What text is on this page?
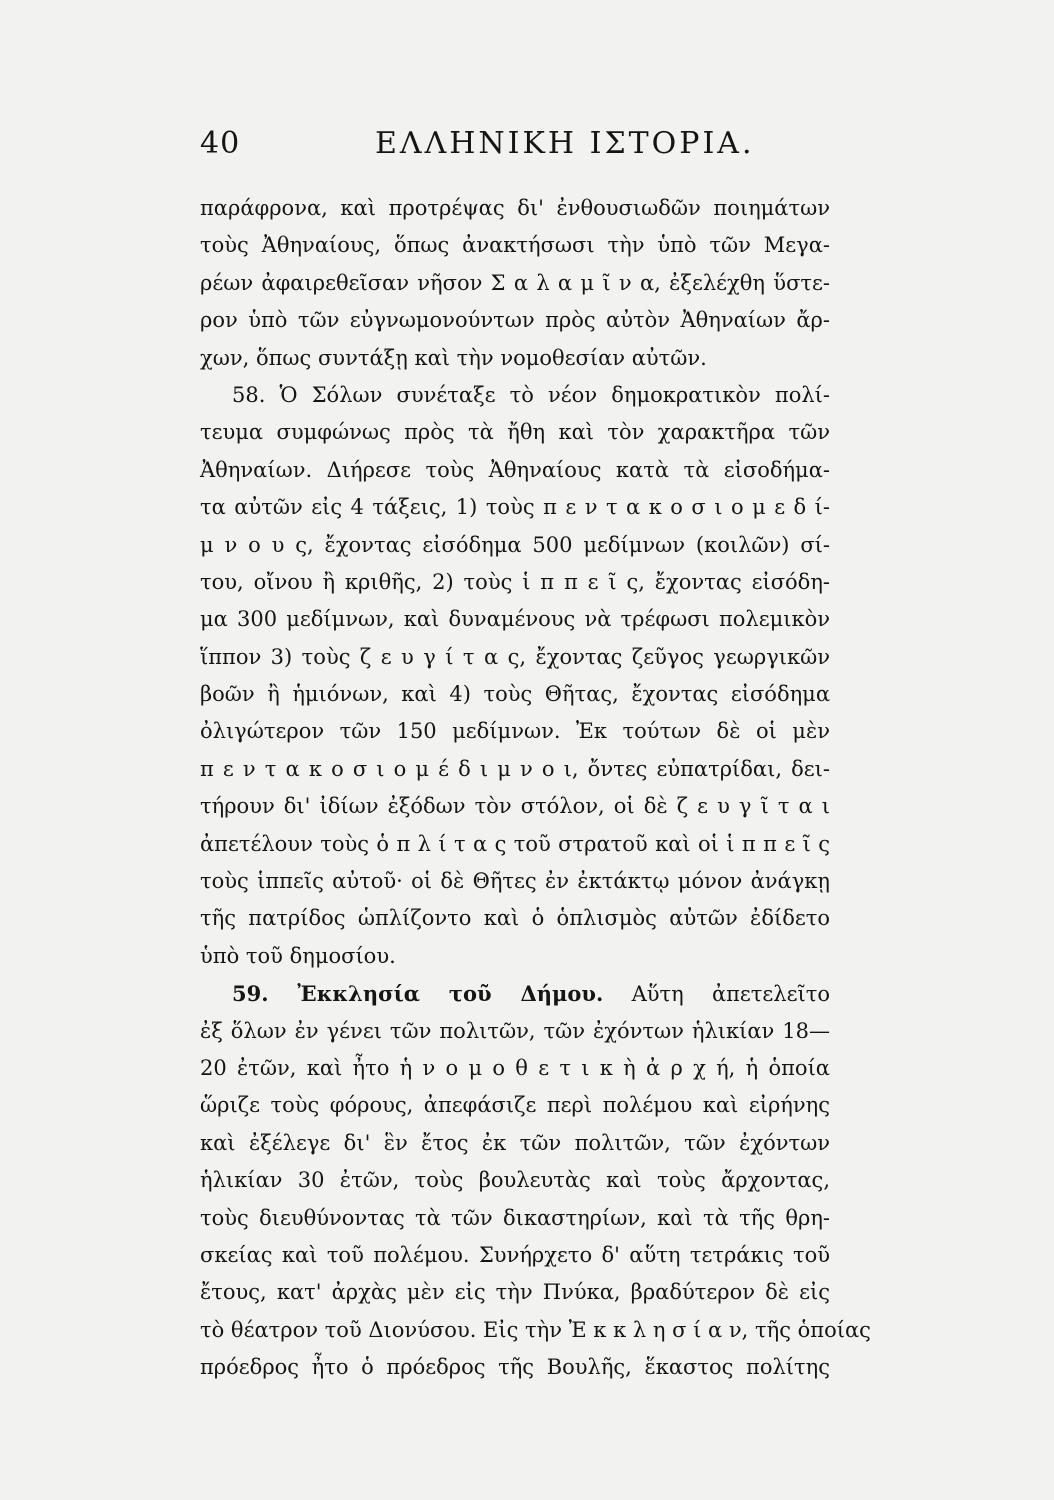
40	ΕΛΛΗΝΙΚΗ ΙΣΤΟΡΙΑ.
παράφρονα, καὶ προτρέψας δι' ἐνθουσιωδῶν ποιημάτων
τοὺς Ἀθηναίους, ὅπως ἀνακτήσωσι τὴν ὑπὸ τῶν Μεγα-
ρέων ἀφαιρεθεῖσαν νῆσον Σ α λ α μ ῖ ν α, ἐξελέχθη ὕστε-
ρον ὑπὸ τῶν εὐγνωμονούντων πρὸς αὐτὸν Ἀθηναίων ἄρ-
χων, ὅπως συντάξῃ καὶ τὴν νομοθεσίαν αὐτῶν.
58. Ὁ Σόλων συνέταξε τὸ νέον δημοκρατικὸν πολί-
τευμα συμφώνως πρὸς τὰ ἤθη καὶ τὸν χαρακτῆρα τῶν
Ἀθηναίων. Διήρεσε τοὺς Ἀθηναίους κατὰ τὰ εἰσοδήμα-
τα αὐτῶν εἰς 4 τάξεις, 1) τοὺς π ε ν τ α κ ο σ ι ο μ ε δ ί-
μ ν ο υ ς, ἔχοντας εἰσόδημα 500 μεδίμνων (κοιλῶν) σί-
του, οἴνου ἢ κριθῆς, 2) τοὺς ἱ π π ε ῖ ς, ἔχοντας εἰσόδη-
μα 300 μεδίμνων, καὶ δυναμένους νὰ τρέφωσι πολεμικὸν
ἵππον 3) τοὺς ζ ε υ γ ί τ α ς, ἔχοντας ζεῦγος γεωργικῶν
βοῶν ἢ ἡμιόνων, καὶ 4) τοὺς Θῆτας, ἔχοντας εἰσόδημα
ὀλιγώτερον τῶν 150 μεδίμνων. Ἐκ τούτων δὲ οἱ μὲν
π ε ν τ α κ ο σ ι ο μ έ δ ι μ ν ο ι, ὄντες εὐπατρίδαι, δει-
τήρουν δι' ἰδίων ἐξόδων τὸν στόλον, οἱ δὲ ζ ε υ γ ῖ τ α ι
ἀπετέλουν τοὺς ὁ π λ ί τ α ς τοῦ στρατοῦ καὶ οἱ ἱ π π ε ῖ ς
τοὺς ἱππεῖς αὐτοῦ· οἱ δὲ Θῆτες ἐν ἐκτάκτῳ μόνον ἀνάγκῃ
τῆς πατρίδος ὡπλίζοντο καὶ ὁ ὁπλισμὸς αὐτῶν ἐδίδετο
ὑπὸ τοῦ δημοσίου.
59. Ἐκκλησία τοῦ Δήμου. Αὕτη ἀπετελεῖτο
ἐξ ὅλων ἐν γένει τῶν πολιτῶν, τῶν ἐχόντων ἡλικίαν 18—
20 ἐτῶν, καὶ ἦτο ἡ ν ο μ ο θ ε τ ι κ ὴ ἀ ρ χ ή, ἡ ὁποία
ὥριζε τοὺς φόρους, ἀπεφάσιζε περὶ πολέμου καὶ εἰρήνης
καὶ ἐξέλεγε δι' ἓν ἔτος ἐκ τῶν πολιτῶν, τῶν ἐχόντων
ἡλικίαν 30 ἐτῶν, τοὺς βουλευτὰς καὶ τοὺς ἄρχοντας,
τοὺς διευθύνοντας τὰ τῶν δικαστηρίων, καὶ τὰ τῆς θρη-
σκείας καὶ τοῦ πολέμου. Συνήρχετο δ' αὕτη τετράκις τοῦ
ἔτους, κατ' ἀρχὰς μὲν εἰς τὴν Πνύκα, βραδύτερον δὲ εἰς
τὸ θέατρον τοῦ Διονύσου. Εἰς τὴν Ἐ κ κ λ η σ ί α ν, τῆς ὁποίας
πρόεδρος ἦτο ὁ πρόεδρος τῆς Βουλῆς, ἕκαστος πολίτης
